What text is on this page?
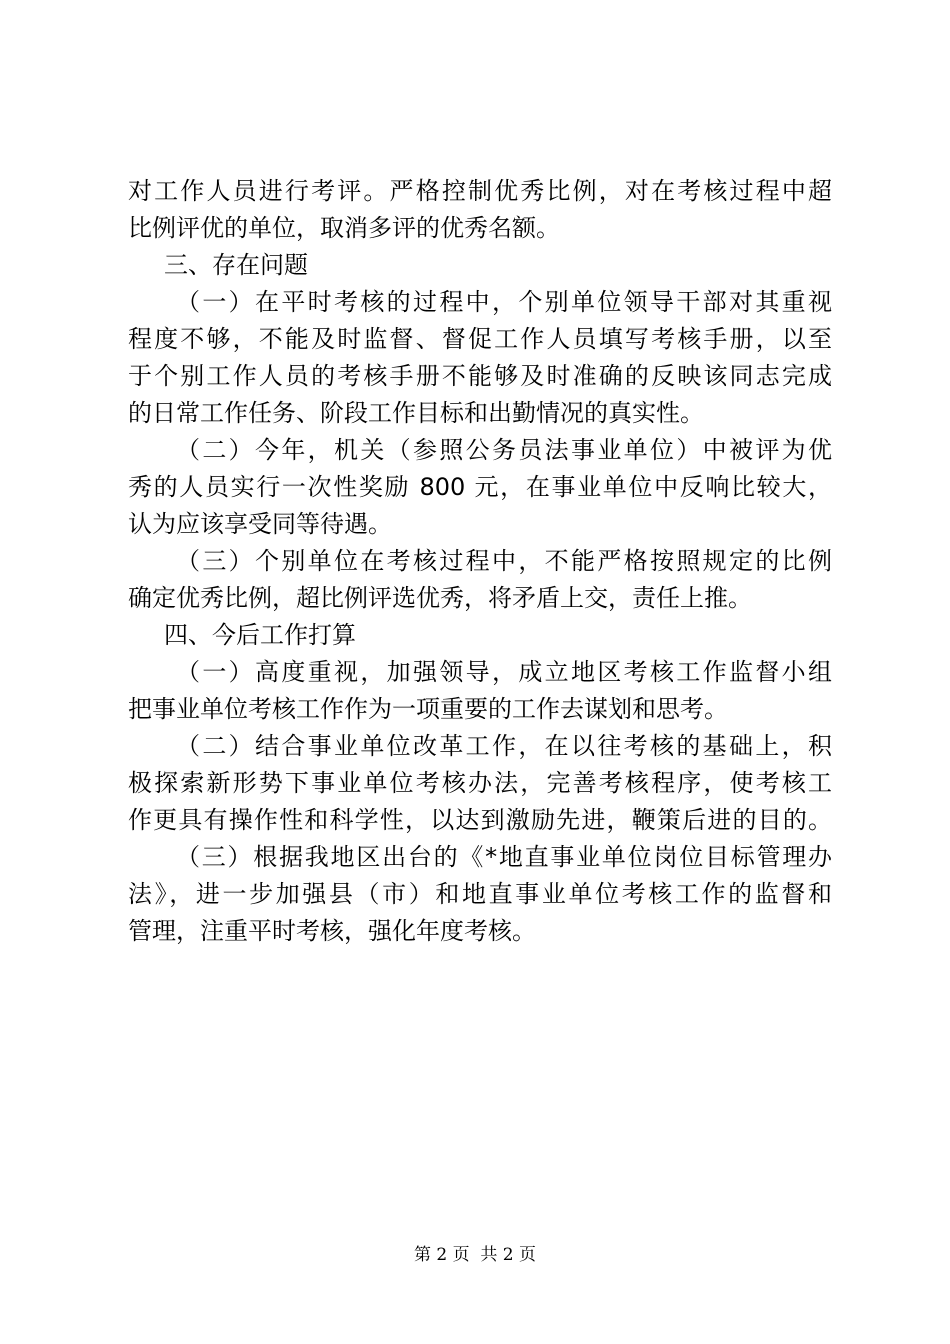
对工作人员进行考评。严格控制优秀比例，对在考核过程中超
比例评优的单位，取消多评的优秀名额。
三、存在问题
（一）在平时考核的过程中，个别单位领导干部对其重视
程度不够，不能及时监督、督促工作人员填写考核手册，以至
于个别工作人员的考核手册不能够及时准确的反映该同志完成
的日常工作任务、阶段工作目标和出勤情况的真实性。
（二）今年，机关（参照公务员法事业单位）中被评为优
秀的人员实行一次性奖励 800 元，在事业单位中反响比较大，
认为应该享受同等待遇。
（三）个别单位在考核过程中，不能严格按照规定的比例
确定优秀比例，超比例评选优秀，将矛盾上交，责任上推。
四、今后工作打算
（一）高度重视，加强领导，成立地区考核工作监督小组
把事业单位考核工作作为一项重要的工作去谋划和思考。
（二）结合事业单位改革工作，在以往考核的基础上，积
极探索新形势下事业单位考核办法，完善考核程序，使考核工
作更具有操作性和科学性，以达到激励先进，鞭策后进的目的。
（三）根据我地区出台的《*地直事业单位岗位目标管理办
法》，进一步加强县（市）和地直事业单位考核工作的监督和
管理，注重平时考核，强化年度考核。
第 2 页  共 2 页
